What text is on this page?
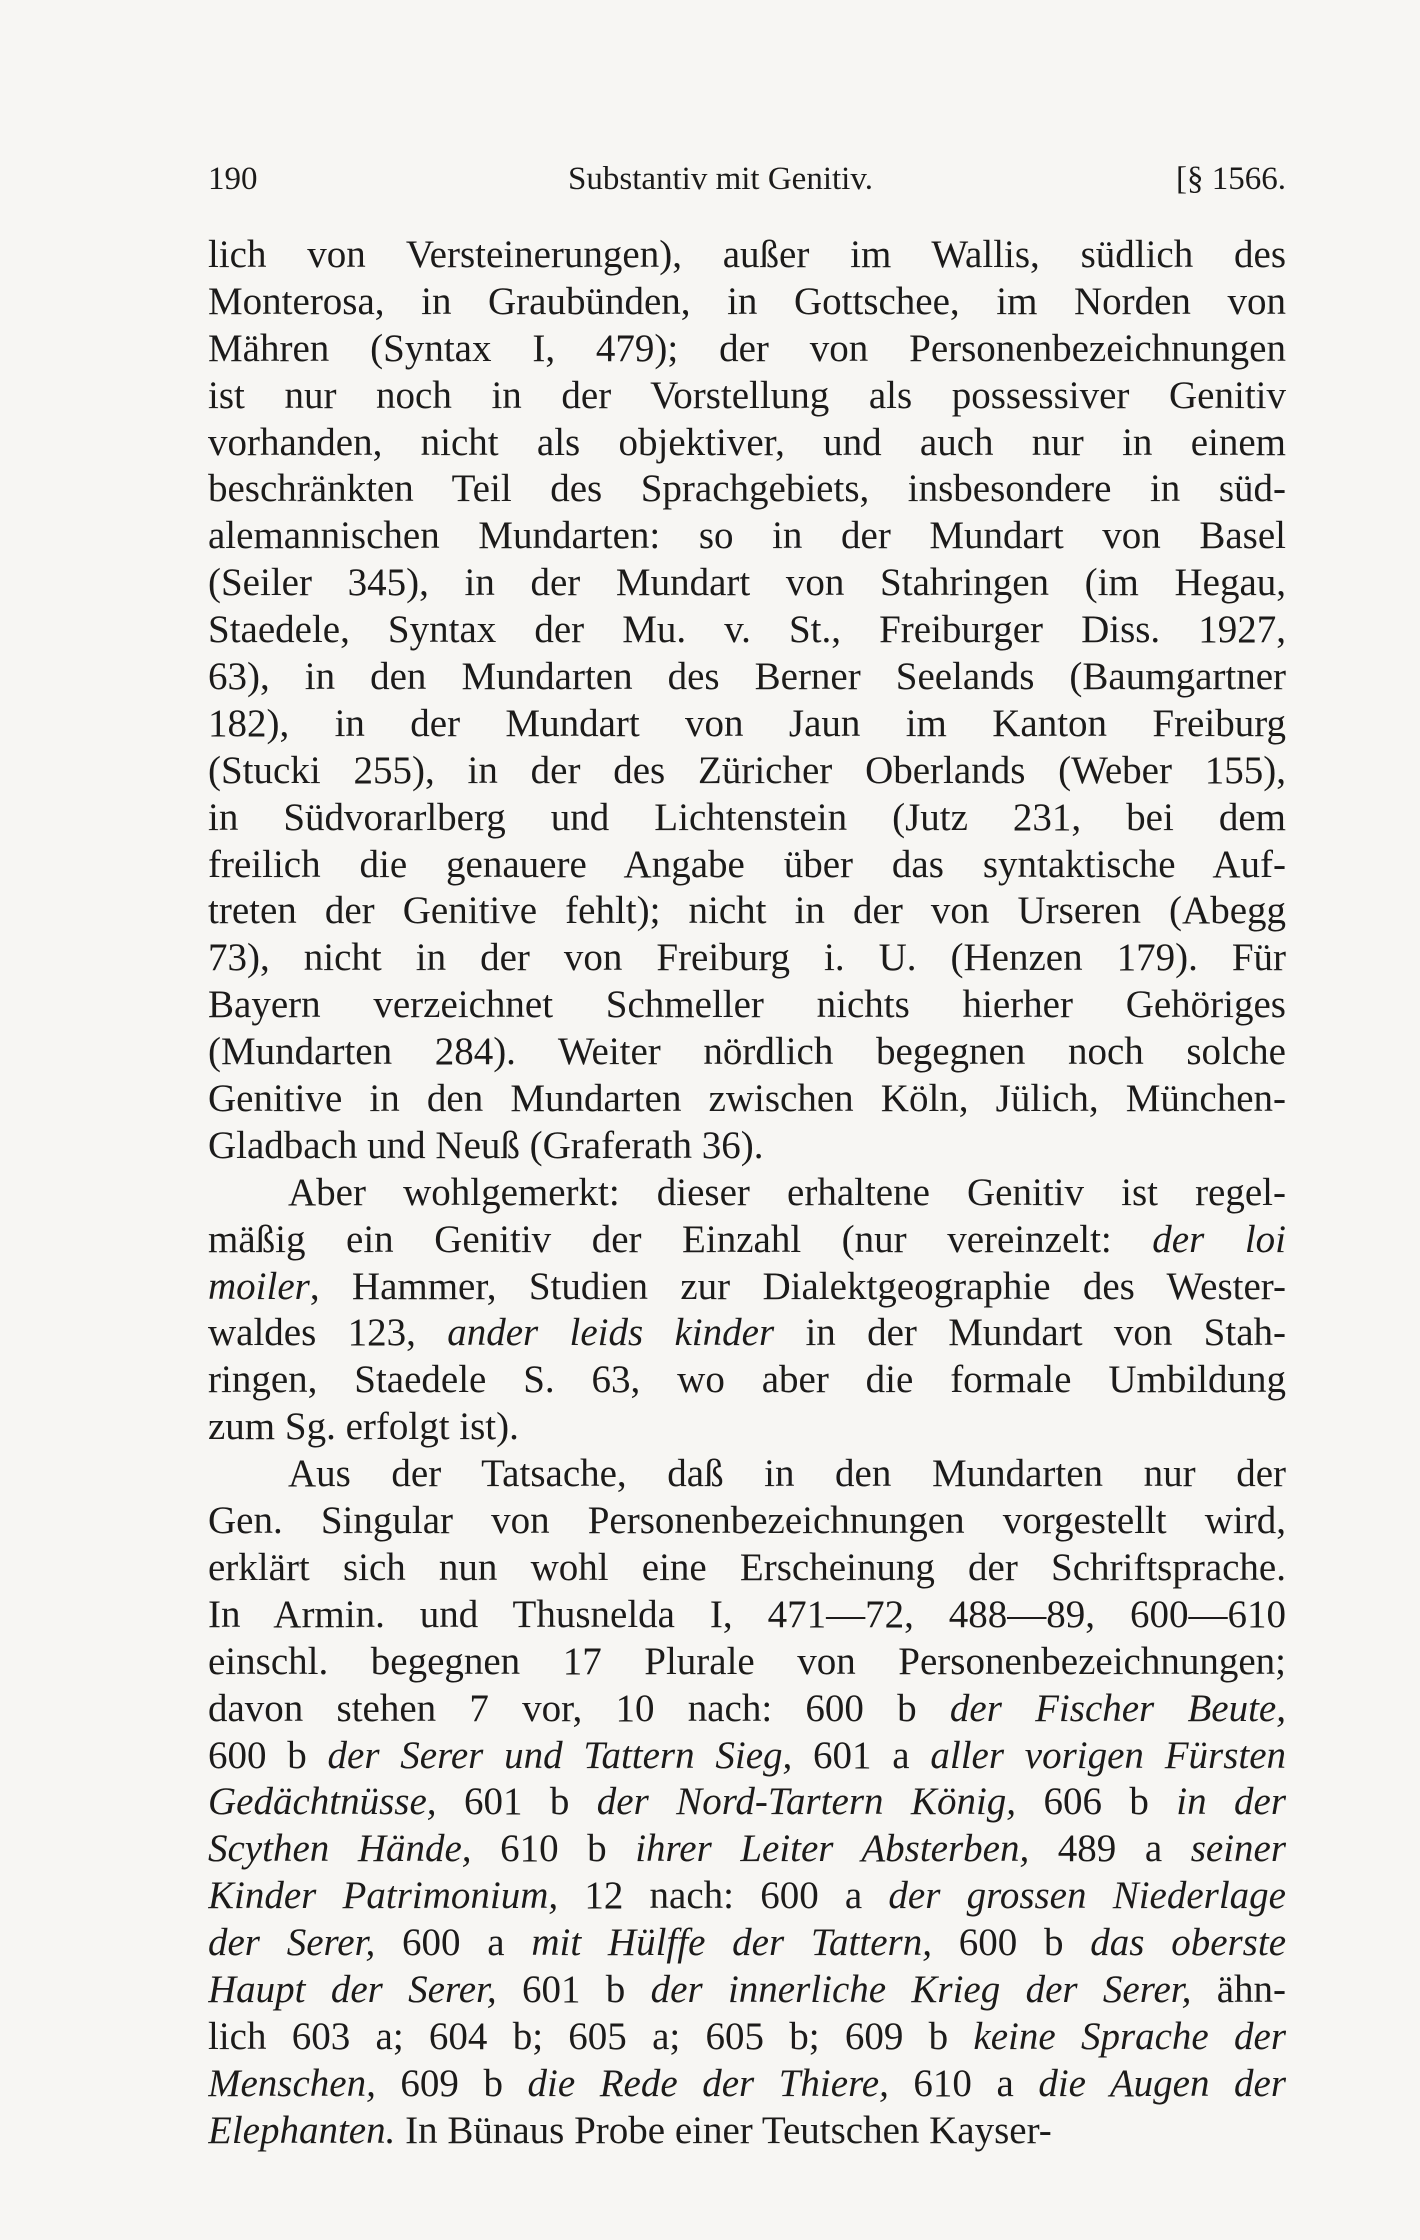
190	Substantiv mit Genitiv.	[§ 1566.
lich von Versteinerungen), außer im Wallis, südlich des
Monterosa, in Graubünden, in Gottschee, im Norden von
Mähren (Syntax I, 479); der von Personenbezeichnungen
ist nur noch in der Vorstellung als possessiver Genitiv
vorhanden, nicht als objektiver, und auch nur in einem
beschränkten Teil des Sprachgebiets, insbesondere in süd-
alemannischen Mundarten: so in der Mundart von Basel
(Seiler 345), in der Mundart von Stahringen (im Hegau,
Staedele, Syntax der Mu. v. St., Freiburger Diss. 1927,
63), in den Mundarten des Berner Seelands (Baumgartner
182), in der Mundart von Jaun im Kanton Freiburg
(Stucki 255), in der des Züricher Oberlands (Weber 155),
in Südvorarlberg und Lichtenstein (Jutz 231, bei dem
freilich die genauere Angabe über das syntaktische Auf-
treten der Genitive fehlt); nicht in der von Urseren (Abegg
73), nicht in der von Freiburg i. U. (Henzen 179). Für
Bayern verzeichnet Schmeller nichts hierher Gehöriges
(Mundarten 284). Weiter nördlich begegnen noch solche
Genitive in den Mundarten zwischen Köln, Jülich, München-
Gladbach und Neuß (Graferath 36).
Aber wohlgemerkt: dieser erhaltene Genitiv ist regel-
mäßig ein Genitiv der Einzahl (nur vereinzelt: der loi
moiler, Hammer, Studien zur Dialektgeographie des Wester-
waldes 123, ander leids kinder in der Mundart von Stah-
ringen, Staedele S. 63, wo aber die formale Umbildung
zum Sg. erfolgt ist).
Aus der Tatsache, daß in den Mundarten nur der
Gen. Singular von Personenbezeichnungen vorgestellt wird,
erklärt sich nun wohl eine Erscheinung der Schriftsprache.
In Armin. und Thusnelda I, 471—72, 488—89, 600—610
einschl. begegnen 17 Plurale von Personenbezeichnungen;
davon stehen 7 vor, 10 nach: 600 b der Fischer Beute,
600 b der Serer und Tattern Sieg, 601 a aller vorigen Fürsten
Gedächtnüsse, 601 b der Nord-Tartern König, 606 b in der
Scythen Hände, 610 b ihrer Leiter Absterben, 489 a seiner
Kinder Patrimonium, 12 nach: 600 a der grossen Niederlage
der Serer, 600 a mit Hülffe der Tattern, 600 b das oberste
Haupt der Serer, 601 b der innerliche Krieg der Serer, ähn-
lich 603 a; 604 b; 605 a; 605 b; 609 b keine Sprache der
Menschen, 609 b die Rede der Thiere, 610 a die Augen der
Elephanten. In Bünaus Probe einer Teutschen Kayser-
